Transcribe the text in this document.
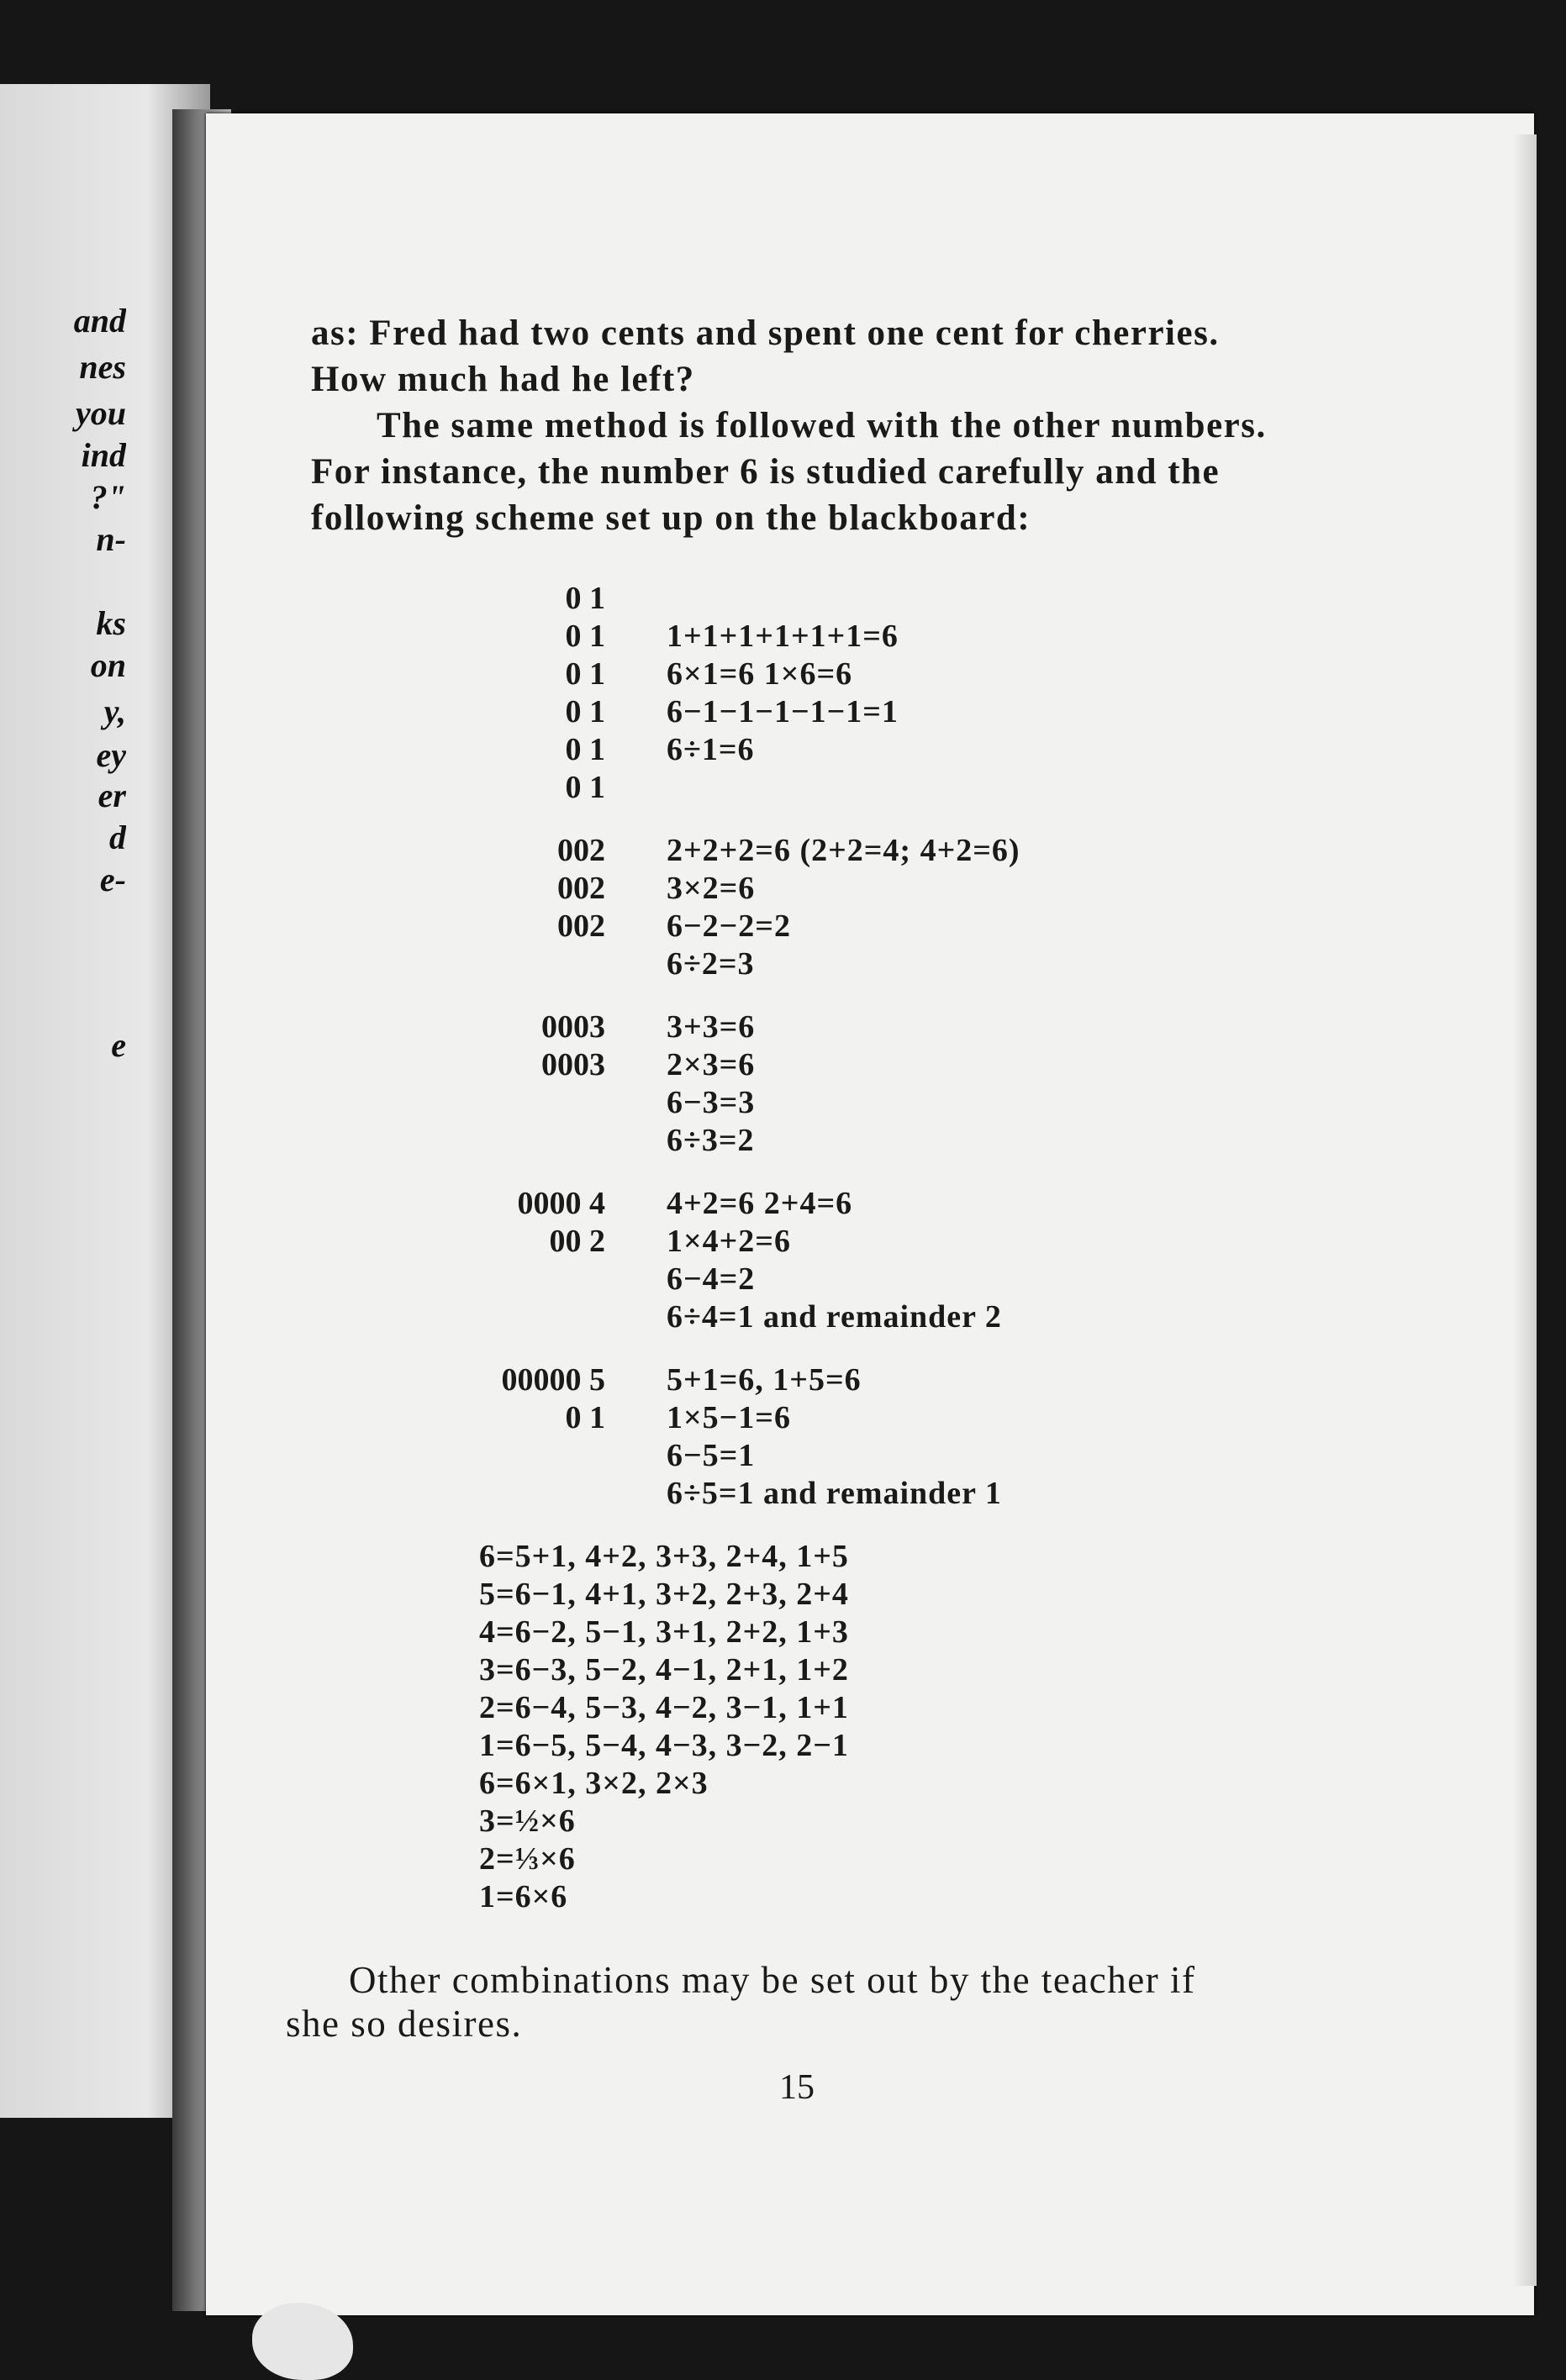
and
nes
you
ind
?"
n-
ks
on
y,
ey
er
d
e-
e
as: Fred had two cents and spent one cent for cherries.
How much had he left?
The same method is followed with the other numbers.
For instance, the number 6 is studied carefully and the
following scheme set up on the blackboard:
0 1
0 1
0 1
0 1
0 1
0 1
1+1+1+1+1+1=6
6×1=6 1×6=6
6−1−1−1−1−1=1
6÷1=6
002
002
002
2+2+2=6 (2+2=4; 4+2=6)
3×2=6
6−2−2=2
6÷2=3
0003
0003
3+3=6
2×3=6
6−3=3
6÷3=2
0000 4
00 2
4+2=6 2+4=6
1×4+2=6
6−4=2
6÷4=1 and remainder 2
00000 5
0 1
5+1=6, 1+5=6
1×5−1=6
6−5=1
6÷5=1 and remainder 1
6=5+1, 4+2, 3+3, 2+4, 1+5
5=6−1, 4+1, 3+2, 2+3, 2+4
4=6−2, 5−1, 3+1, 2+2, 1+3
3=6−3, 5−2, 4−1, 2+1, 1+2
2=6−4, 5−3, 4−2, 3−1, 1+1
1=6−5, 5−4, 4−3, 3−2, 2−1
6=6×1, 3×2, 2×3
3=½×6
2=⅓×6
1=6×6
Other combinations may be set out by the teacher if
she so desires.
15
